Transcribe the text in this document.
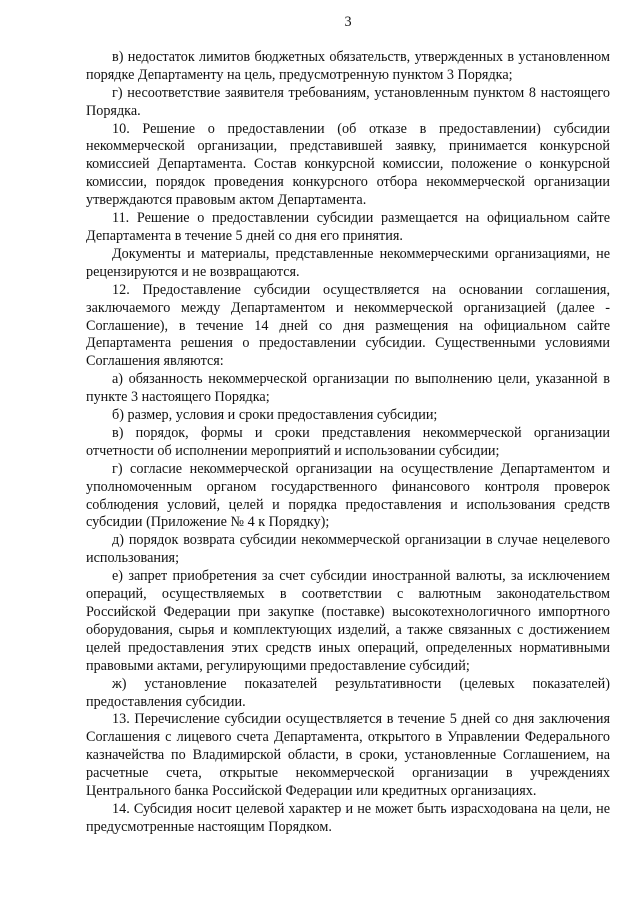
3

в) недостаток лимитов бюджетных обязательств, утвержденных в установленном порядке Департаменту на цель, предусмотренную пунктом 3 Порядка;

г) несоответствие заявителя требованиям, установленным пунктом 8 настоящего Порядка.

10. Решение о предоставлении (об отказе в предоставлении) субсидии некоммерческой организации, представившей заявку, принимается конкурсной комиссией Департамента. Состав конкурсной комиссии, положение о конкурсной комиссии, порядок проведения конкурсного отбора некоммерческой организации утверждаются правовым актом Департамента.

11. Решение о предоставлении субсидии размещается на официальном сайте Департамента в течение 5 дней со дня его принятия.

Документы и материалы, представленные некоммерческими организациями, не рецензируются и не возвращаются.

12. Предоставление субсидии осуществляется на основании соглашения, заключаемого между Департаментом и некоммерческой организацией (далее - Соглашение), в течение 14 дней со дня размещения на официальном сайте Департамента решения о предоставлении субсидии. Существенными условиями Соглашения являются:

а) обязанность некоммерческой организации по выполнению цели, указанной в пункте 3 настоящего Порядка;

б) размер, условия и сроки предоставления субсидии;

в) порядок, формы и сроки представления некоммерческой организации отчетности об исполнении мероприятий и использовании субсидии;

г) согласие некоммерческой организации на осуществление Департаментом и уполномоченным органом государственного финансового контроля проверок соблюдения условий, целей и порядка предоставления и использования средств субсидии (Приложение № 4 к Порядку);

д) порядок возврата субсидии некоммерческой организации в случае нецелевого использования;

е) запрет приобретения за счет субсидии иностранной валюты, за исключением операций, осуществляемых в соответствии с валютным законодательством Российской Федерации при закупке (поставке) высокотехнологичного импортного оборудования, сырья и комплектующих изделий, а также связанных с достижением целей предоставления этих средств иных операций, определенных нормативными правовыми актами, регулирующими предоставление субсидий;

ж) установление показателей результативности (целевых показателей) предоставления субсидии.

13. Перечисление субсидии осуществляется в течение 5 дней со дня заключения Соглашения с лицевого счета Департамента, открытого в Управлении Федерального казначейства по Владимирской области, в сроки, установленные Соглашением, на расчетные счета, открытые некоммерческой организации в учреждениях Центрального банка Российской Федерации или кредитных организациях.

14. Субсидия носит целевой характер и не может быть израсходована на цели, не предусмотренные настоящим Порядком.
